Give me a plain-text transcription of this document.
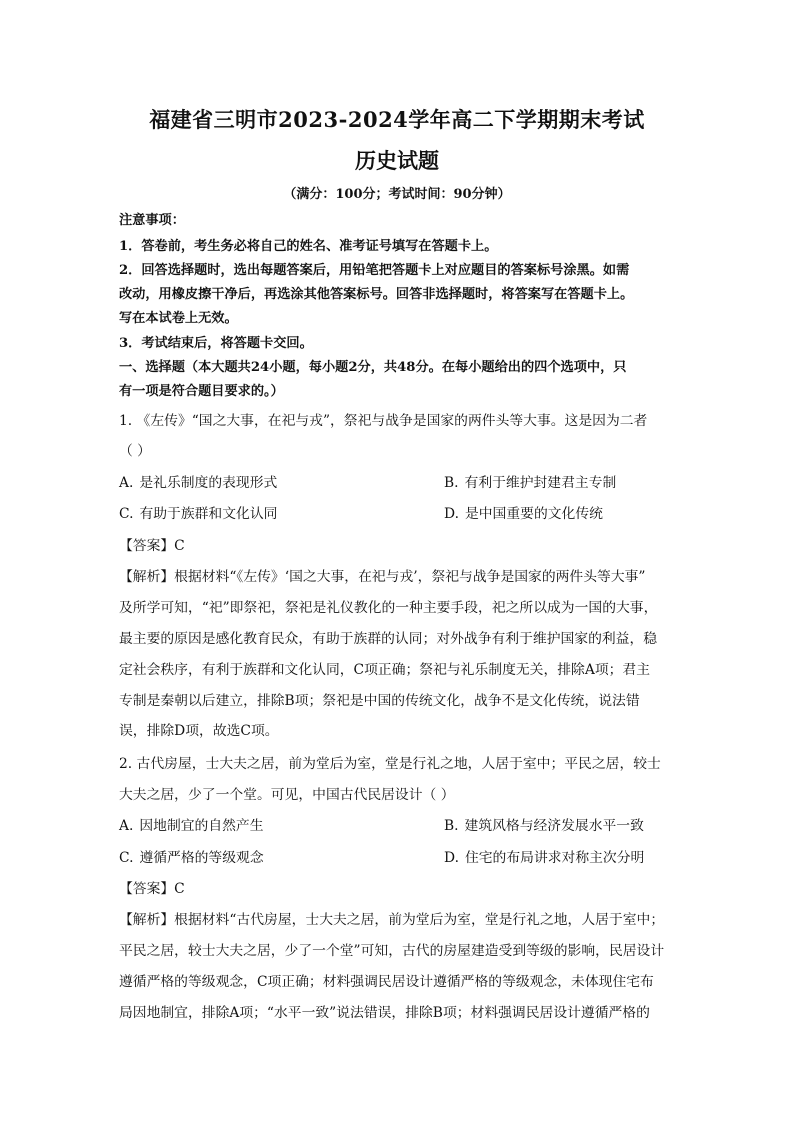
福建省三明市2023-2024学年高二下学期期末考试
历史试题
（满分：100分；考试时间：90分钟）
注意事项：
1．答卷前，考生务必将自己的姓名、准考证号填写在答题卡上。
2．回答选择题时，选出每题答案后，用铅笔把答题卡上对应题目的答案标号涂黑。如需
改动，用橡皮擦干净后，再选涂其他答案标号。回答非选择题时，将答案写在答题卡上。
写在本试卷上无效。
3．考试结束后，将答题卡交回。
一、选择题（本大题共24小题，每小题2分，共48分。在每小题给出的四个选项中，只
有一项是符合题目要求的。）
1. 《左传》“国之大事，在祀与戎”，祭祀与战争是国家的两件头等大事。这是因为二者
（ ）
A. 是礼乐制度的表现形式	B. 有利于维护封建君主专制
C. 有助于族群和文化认同	D. 是中国重要的文化传统
【答案】C
【解析】根据材料“《左传》‘国之大事，在祀与戎’，祭祀与战争是国家的两件头等大事”
及所学可知，“祀”即祭祀，祭祀是礼仪教化的一种主要手段，祀之所以成为一国的大事，
最主要的原因是感化教育民众，有助于族群的认同；对外战争有利于维护国家的利益，稳
定社会秩序，有利于族群和文化认同，C项正确；祭祀与礼乐制度无关，排除A项；君主
专制是秦朝以后建立，排除B项；祭祀是中国的传统文化，战争不是文化传统，说法错
误，排除D项，故选C项。
2. 古代房屋，士大夫之居，前为堂后为室，堂是行礼之地，人居于室中；平民之居，较士
大夫之居，少了一个堂。可见，中国古代民居设计（ ）
A. 因地制宜的自然产生	B. 建筑风格与经济发展水平一致
C. 遵循严格的等级观念	D. 住宅的布局讲求对称主次分明
【答案】C
【解析】根据材料“古代房屋，士大夫之居，前为堂后为室，堂是行礼之地，人居于室中；
平民之居，较士大夫之居，少了一个堂”可知，古代的房屋建造受到等级的影响，民居设计
遵循严格的等级观念，C项正确；材料强调民居设计遵循严格的等级观念，未体现住宅布
局因地制宜，排除A项；“水平一致”说法错误，排除B项；材料强调民居设计遵循严格的
